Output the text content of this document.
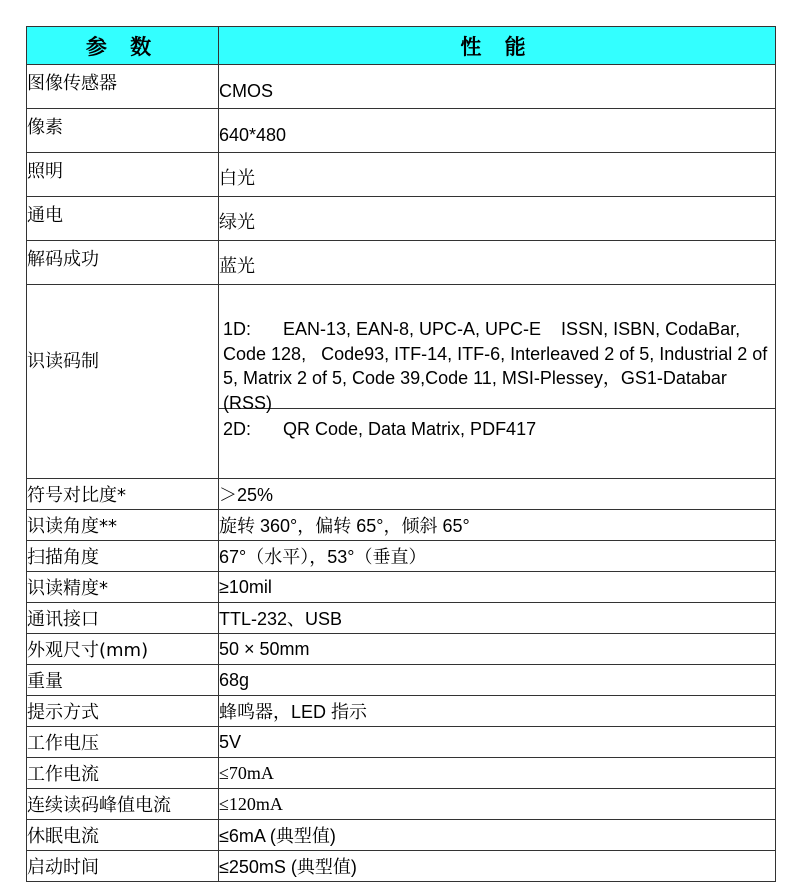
参 数	性 能
图像传感器	CMOS
像素	640*480
照明	白光
通电	绿光
解码成功	蓝光
识读码制	1D: EAN-13, EAN-8, UPC-A, UPC-E    ISSN, ISBN, CodaBar,  Code 128,   Code93, ITF-14, ITF-6, Interleaved 2 of 5, Industrial 2 of 5, Matrix 2 of 5, Code 39,Code 11, MSI-Plessey，GS1-Databar (RSS)
2D: QR Code, Data Matrix, PDF417

符号对比度*	＞25%
识读角度**	旋转 360°，偏转 65°，倾斜 65°
扫描角度	67°（水平），53°（垂直）
识读精度*	≥10mil
通讯接口	TTL-232、USB
外观尺寸(mm)	50 × 50mm
重量	68g
提示方式	蜂鸣器，LED 指示
工作电压	5V
工作电流	≤70mA
连续读码峰值电流	≤120mA
休眠电流	≤6mA (典型值)
启动时间	≤250mS (典型值)
